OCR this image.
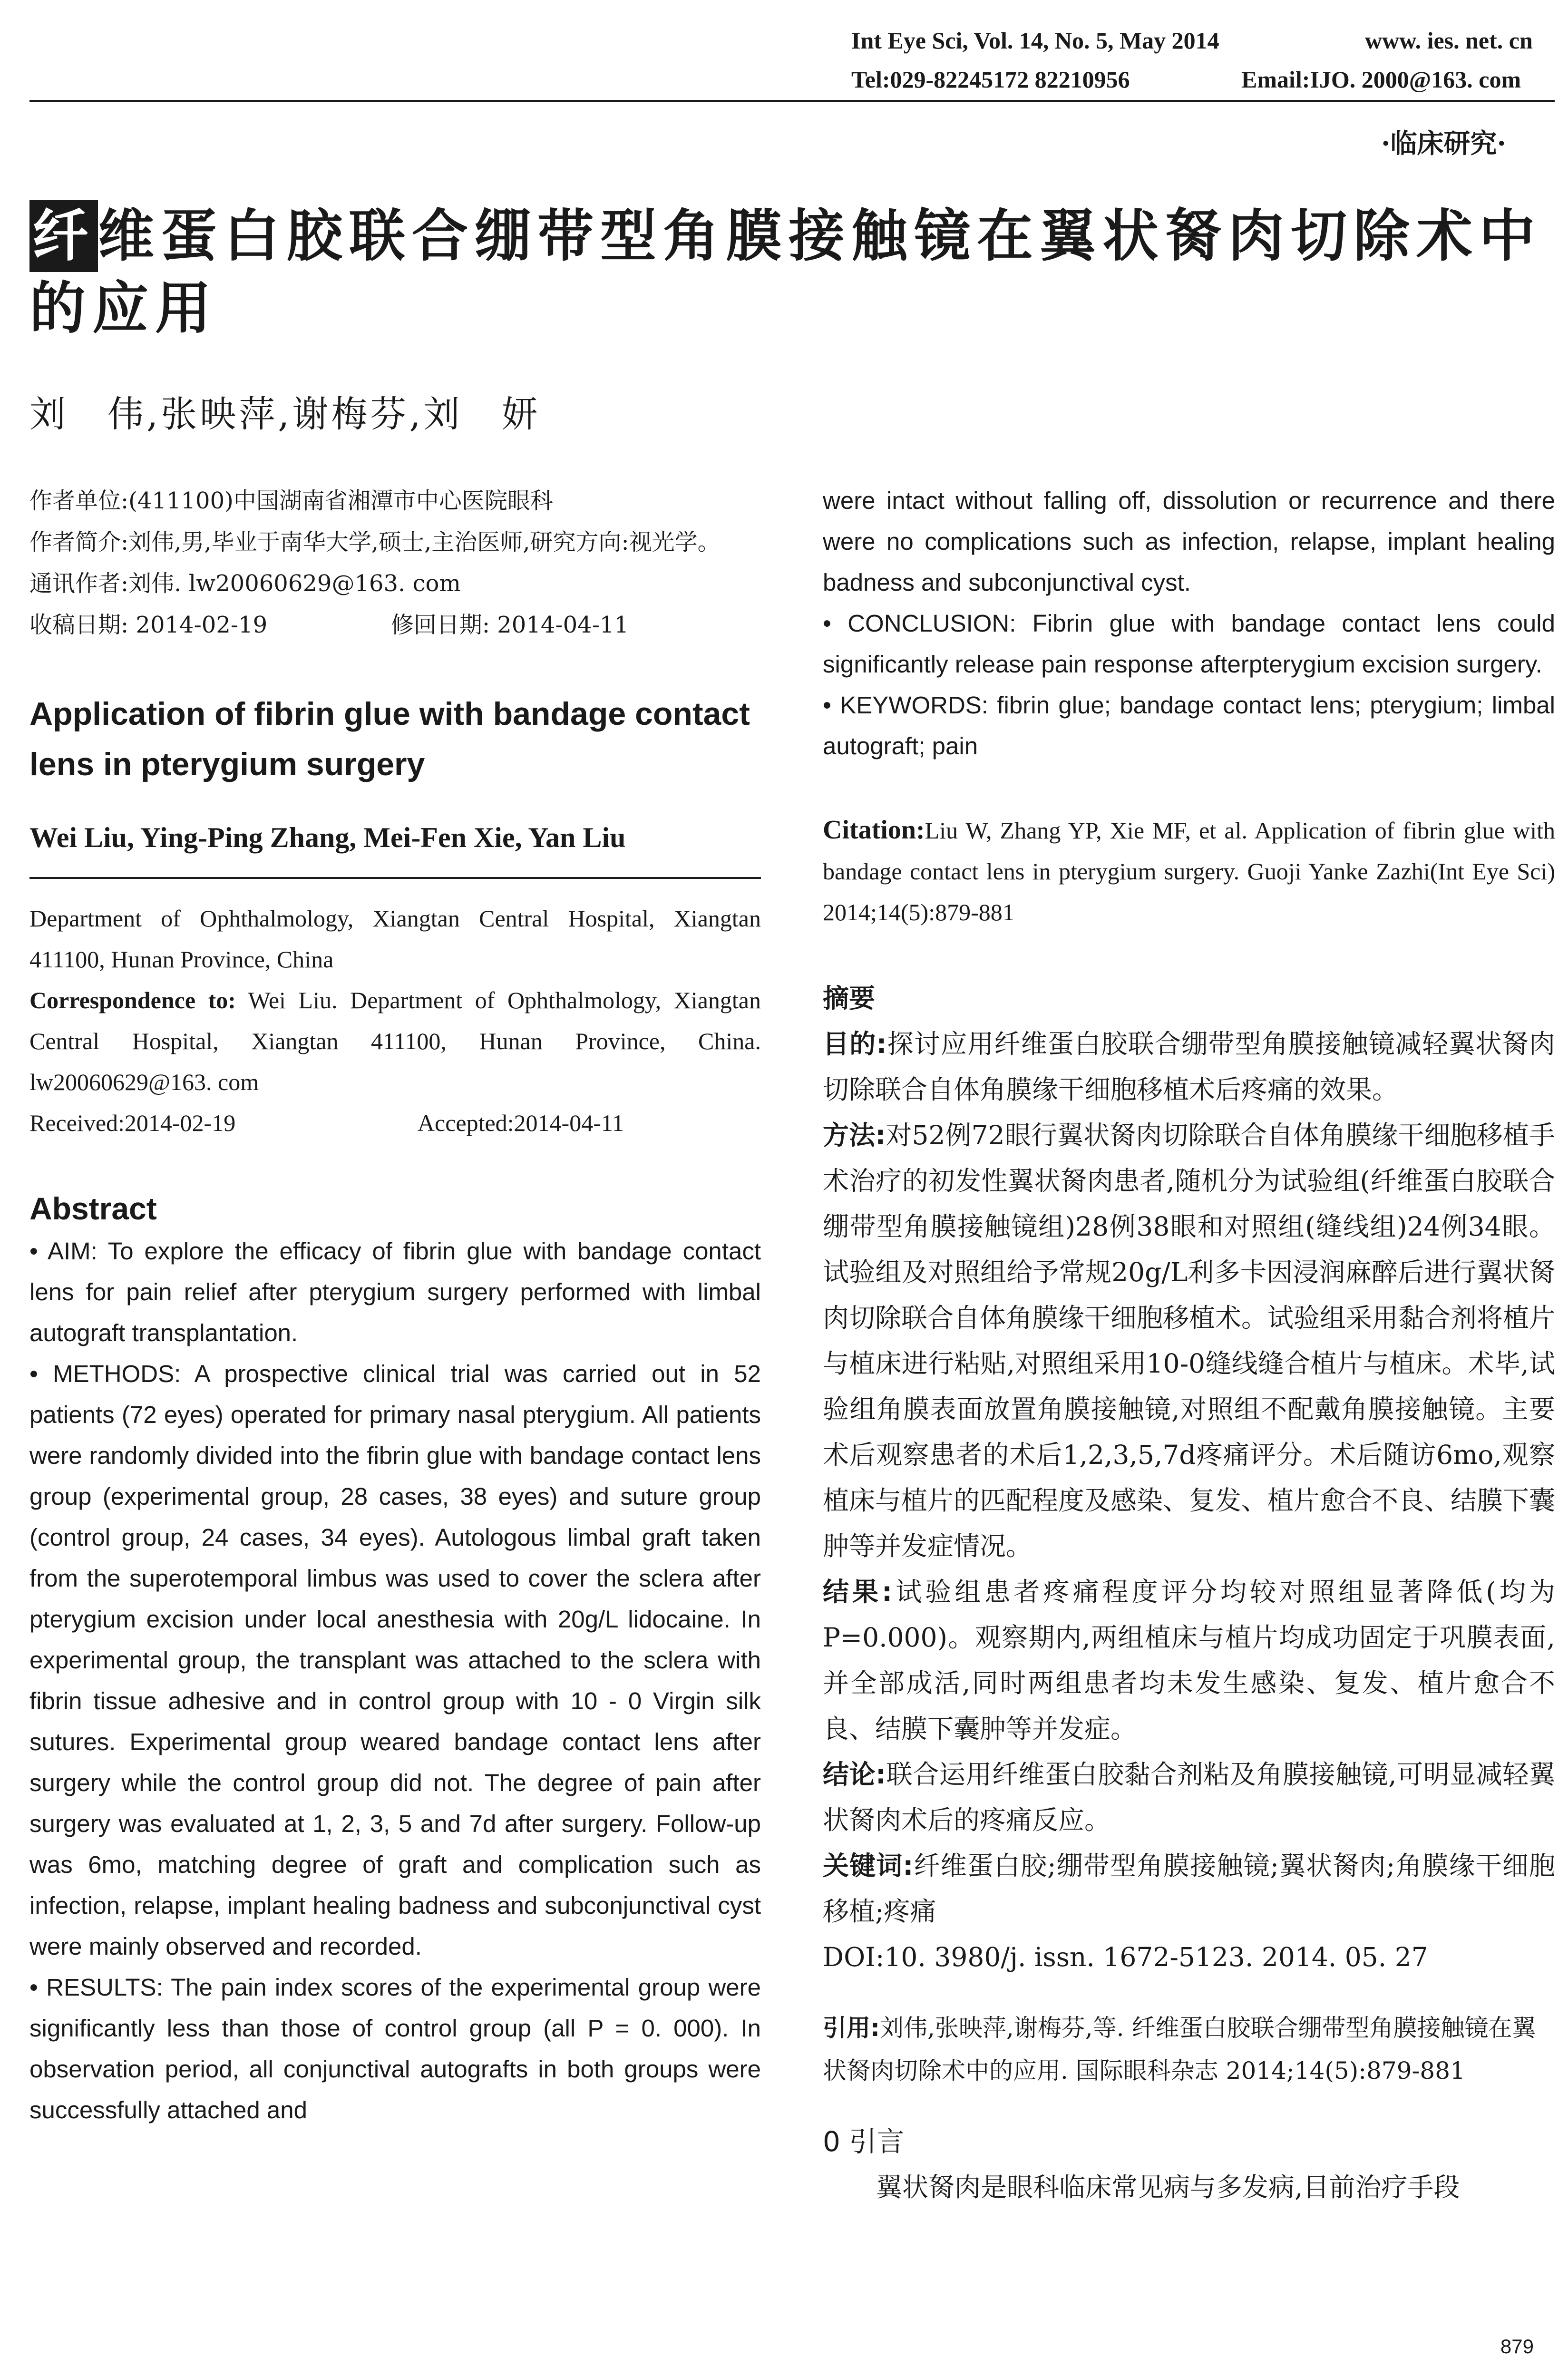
Int Eye Sci, Vol. 14, No. 5, May 2014	www. ies. net. cn
Tel:029-82245172 82210956	Email:IJO. 2000@163. com
·临床研究·
纤维蛋白胶联合绷带型角膜接触镜在翼状胬肉切除术中的应用
刘　伟,张映萍,谢梅芬,刘　妍

作者单位:(411100)中国湖南省湘潭市中心医院眼科

作者简介:刘伟,男,毕业于南华大学,硕士,主治医师,研究方向:视光学。

通讯作者:刘伟. lw20060629@163. com

收稿日期: 2014-02-19	修回日期: 2014-04-11

Application of fibrin glue with bandage contact lens in pterygium surgery

Wei Liu, Ying-Ping Zhang, Mei-Fen Xie, Yan Liu

Department of Ophthalmology, Xiangtan Central Hospital, Xiangtan 411100, Hunan Province, China

Correspondence to: Wei Liu. Department of Ophthalmology, Xiangtan Central Hospital, Xiangtan 411100, Hunan Province, China. lw20060629@163. com

Received:2014-02-19	Accepted:2014-04-11

Abstract

• AIM: To explore the efficacy of fibrin glue with bandage contact lens for pain relief after pterygium surgery performed with limbal autograft transplantation.

• METHODS: A prospective clinical trial was carried out in 52 patients (72 eyes) operated for primary nasal pterygium. All patients were randomly divided into the fibrin glue with bandage contact lens group (experimental group, 28 cases, 38 eyes) and suture group (control group, 24 cases, 34 eyes). Autologous limbal graft taken from the superotemporal limbus was used to cover the sclera after pterygium excision under local anesthesia with 20g/L lidocaine. In experimental group, the transplant was attached to the sclera with fibrin tissue adhesive and in control group with 10 - 0 Virgin silk sutures. Experimental group weared bandage contact lens after surgery while the control group did not. The degree of pain after surgery was evaluated at 1, 2, 3, 5 and 7d after surgery. Follow-up was 6mo, matching degree of graft and complication such as infection, relapse, implant healing badness and subconjunctival cyst were mainly observed and recorded.

• RESULTS: The pain index scores of the experimental group were significantly less than those of control group (all P = 0. 000). In observation period, all conjunctival autografts in both groups were successfully attached and

were intact without falling off, dissolution or recurrence and there were no complications such as infection, relapse, implant healing badness and subconjunctival cyst.

• CONCLUSION: Fibrin glue with bandage contact lens could significantly release pain response afterpterygium excision surgery.

• KEYWORDS: fibrin glue; bandage contact lens; pterygium; limbal autograft; pain

Citation:Liu W, Zhang YP, Xie MF, et al. Application of fibrin glue with bandage contact lens in pterygium surgery. Guoji Yanke Zazhi(Int Eye Sci) 2014;14(5):879-881

摘要

目的:探讨应用纤维蛋白胶联合绷带型角膜接触镜减轻翼状胬肉切除联合自体角膜缘干细胞移植术后疼痛的效果。

方法:对52例72眼行翼状胬肉切除联合自体角膜缘干细胞移植手术治疗的初发性翼状胬肉患者,随机分为试验组(纤维蛋白胶联合绷带型角膜接触镜组)28例38眼和对照组(缝线组)24例34眼。试验组及对照组给予常规20g/L利多卡因浸润麻醉后进行翼状胬肉切除联合自体角膜缘干细胞移植术。试验组采用黏合剂将植片与植床进行粘贴,对照组采用10-0缝线缝合植片与植床。术毕,试验组角膜表面放置角膜接触镜,对照组不配戴角膜接触镜。主要术后观察患者的术后1,2,3,5,7d疼痛评分。术后随访6mo,观察植床与植片的匹配程度及感染、复发、植片愈合不良、结膜下囊肿等并发症情况。

结果:试验组患者疼痛程度评分均较对照组显著降低(均为P=0.000)。观察期内,两组植床与植片均成功固定于巩膜表面,并全部成活,同时两组患者均未发生感染、复发、植片愈合不良、结膜下囊肿等并发症。

结论:联合运用纤维蛋白胶黏合剂粘及角膜接触镜,可明显减轻翼状胬肉术后的疼痛反应。

关键词:纤维蛋白胶;绷带型角膜接触镜;翼状胬肉;角膜缘干细胞移植;疼痛

DOI:10. 3980/j. issn. 1672-5123. 2014. 05. 27

引用:刘伟,张映萍,谢梅芬,等. 纤维蛋白胶联合绷带型角膜接触镜在翼状胬肉切除术中的应用. 国际眼科杂志 2014;14(5):879-881

0 引言

翼状胬肉是眼科临床常见病与多发病,目前治疗手段

879
